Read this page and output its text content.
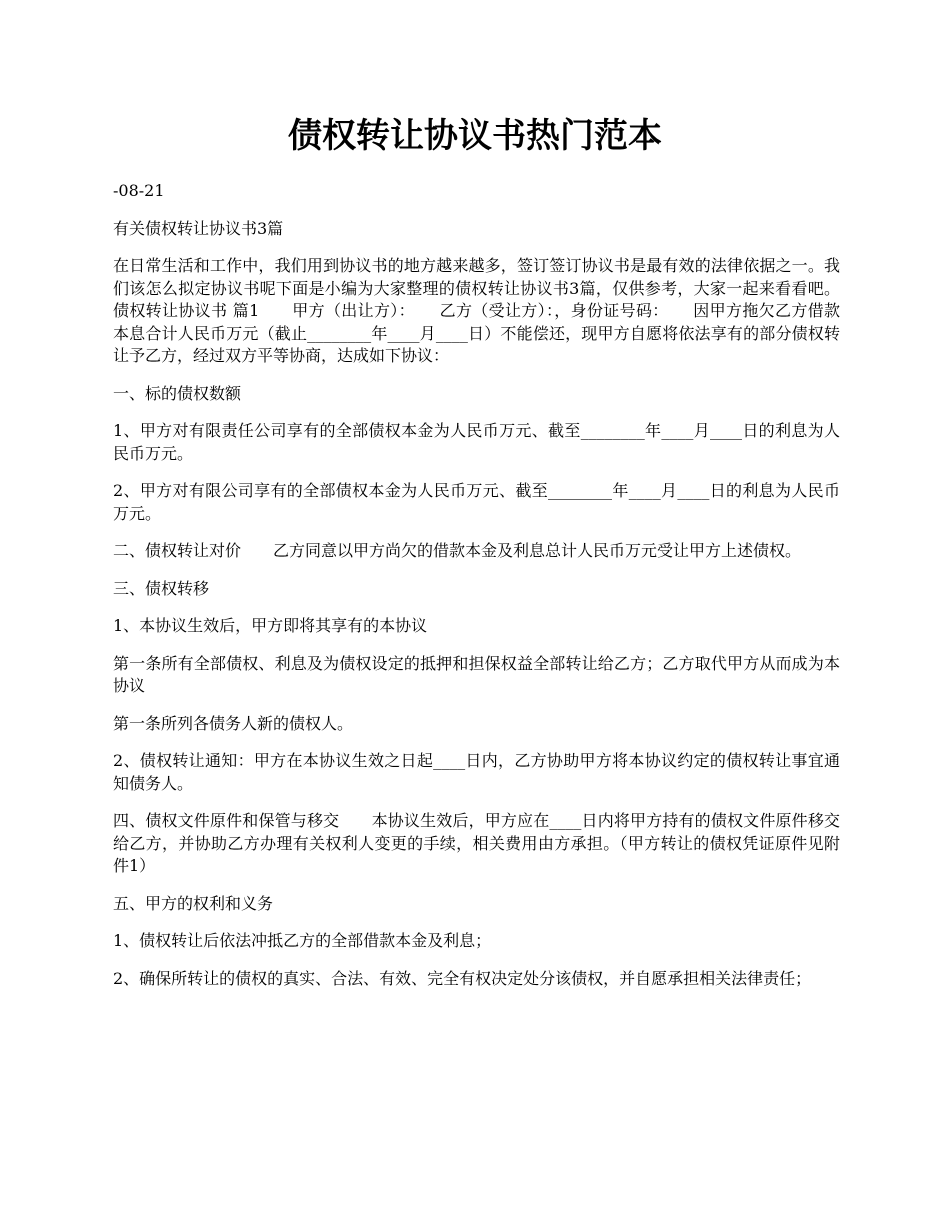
债权转让协议书热门范本

-08-21

有关债权转让协议书3篇

在日常生活和工作中，我们用到协议书的地方越来越多，签订签订协议书是最有效的法律依据之一。我们该怎么拟定协议书呢下面是小编为大家整理的债权转让协议书3篇，仅供参考，大家一起来看看吧。债权转让协议书 篇1　　甲方（出让方）：　　乙方（受让方）：，身份证号码：　　因甲方拖欠乙方借款本息合计人民币万元（截止________年____月____日）不能偿还，现甲方自愿将依法享有的部分债权转让予乙方，经过双方平等协商，达成如下协议：

一、标的债权数额

1、甲方对有限责任公司享有的全部债权本金为人民币万元、截至________年____月____日的利息为人民币万元。

2、甲方对有限公司享有的全部债权本金为人民币万元、截至________年____月____日的利息为人民币万元。

二、债权转让对价　　乙方同意以甲方尚欠的借款本金及利息总计人民币万元受让甲方上述债权。

三、债权转移

1、本协议生效后，甲方即将其享有的本协议

第一条所有全部债权、利息及为债权设定的抵押和担保权益全部转让给乙方；乙方取代甲方从而成为本协议

第一条所列各债务人新的债权人。

2、债权转让通知：甲方在本协议生效之日起____日内，乙方协助甲方将本协议约定的债权转让事宜通知债务人。

四、债权文件原件和保管与移交　　本协议生效后，甲方应在____日内将甲方持有的债权文件原件移交给乙方，并协助乙方办理有关权利人变更的手续，相关费用由方承担。（甲方转让的债权凭证原件见附件1）

五、甲方的权利和义务

1、债权转让后依法冲抵乙方的全部借款本金及利息；

2、确保所转让的债权的真实、合法、有效、完全有权决定处分该债权，并自愿承担相关法律责任；
